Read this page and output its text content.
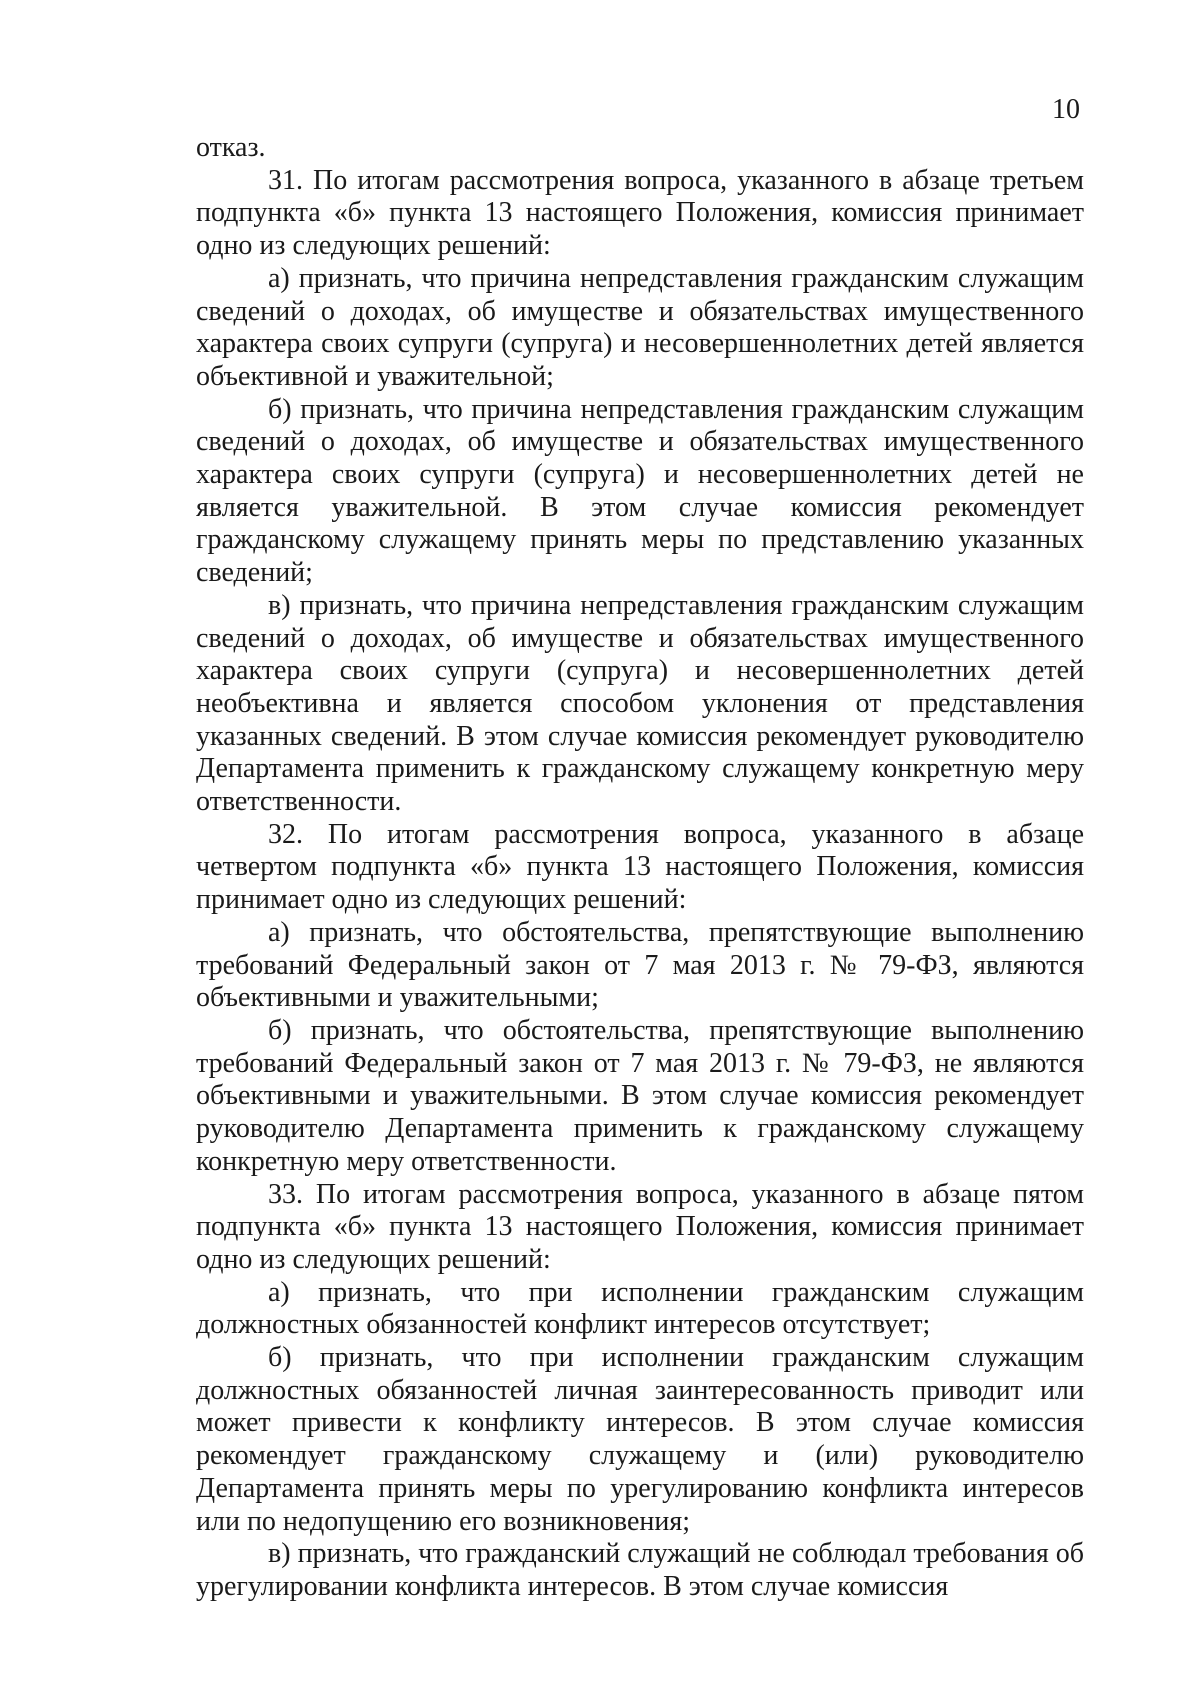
10

отказ.

31. По итогам рассмотрения вопроса, указанного в абзаце третьем подпункта «б» пункта 13 настоящего Положения, комиссия принимает одно из следующих решений:

а) признать, что причина непредставления гражданским служащим сведений о доходах, об имуществе и обязательствах имущественного характера своих супруги (супруга) и несовершеннолетних детей является объективной и уважительной;

б) признать, что причина непредставления гражданским служащим сведений о доходах, об имуществе и обязательствах имущественного характера своих супруги (супруга) и несовершеннолетних детей не является уважительной. В этом случае комиссия рекомендует гражданскому служащему принять меры по представлению указанных сведений;

в) признать, что причина непредставления гражданским служащим сведений о доходах, об имуществе и обязательствах имущественного характера своих супруги (супруга) и несовершеннолетних детей необъективна и является способом уклонения от представления указанных сведений. В этом случае комиссия рекомендует руководителю Департамента применить к гражданскому служащему конкретную меру ответственности.

32. По итогам рассмотрения вопроса, указанного в абзаце четвертом подпункта «б» пункта 13 настоящего Положения, комиссия принимает одно из следующих решений:

а) признать, что обстоятельства, препятствующие выполнению требований Федеральный закон от 7 мая 2013 г. № 79-ФЗ, являются объективными и уважительными;

б) признать, что обстоятельства, препятствующие выполнению требований Федеральный закон от 7 мая 2013 г. № 79-ФЗ, не являются объективными и уважительными. В этом случае комиссия рекомендует руководителю Департамента применить к гражданскому служащему конкретную меру ответственности.

33. По итогам рассмотрения вопроса, указанного в абзаце пятом подпункта «б» пункта 13 настоящего Положения, комиссия принимает одно из следующих решений:

а) признать, что при исполнении гражданским служащим должностных обязанностей конфликт интересов отсутствует;

б) признать, что при исполнении гражданским служащим должностных обязанностей личная заинтересованность приводит или может привести к конфликту интересов. В этом случае комиссия рекомендует гражданскому служащему и (или) руководителю Департамента принять меры по урегулированию конфликта интересов или по недопущению его возникновения;

в) признать, что гражданский служащий не соблюдал требования об урегулировании конфликта интересов. В этом случае комиссия
